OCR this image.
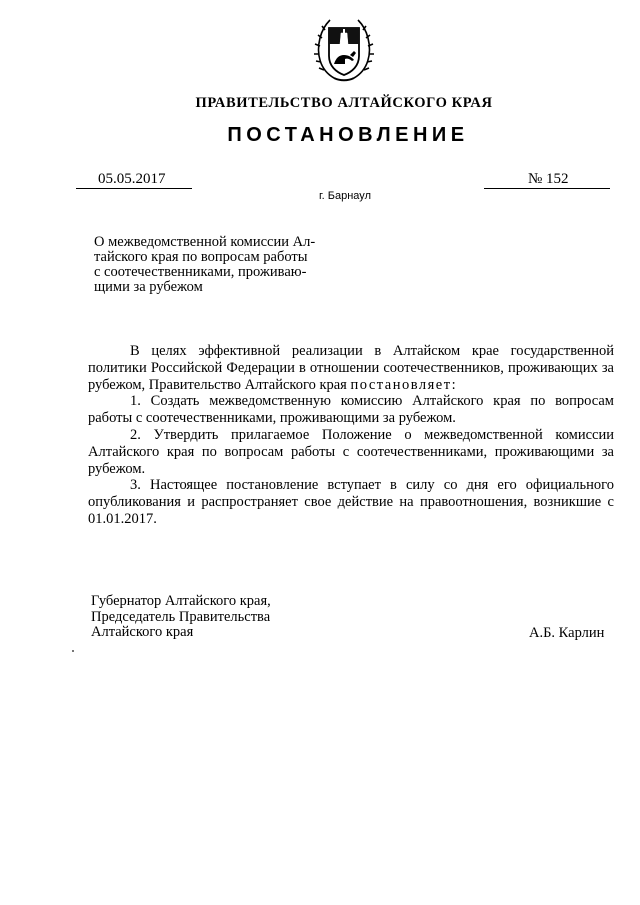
ПРАВИТЕЛЬСТВО АЛТАЙСКОГО КРАЯ
ПОСТАНОВЛЕНИЕ
05.05.2017	№ 152
г. Барнаул
О межведомственной комиссии Ал-
тайского края по вопросам работы
с соотечественниками, проживаю-
щими за рубежом

В целях эффективной реализации в Алтайском крае государственной политики Российской Федерации в отношении соотечественников, проживающих за рубежом, Правительство Алтайского края постановляет:

1. Создать межведомственную комиссию Алтайского края по вопросам работы с соотечественниками, проживающими за рубежом.

2. Утвердить прилагаемое Положение о межведомственной комиссии Алтайского края по вопросам работы с соотечественниками, проживающими за рубежом.

3. Настоящее постановление вступает в силу со дня его официального опубликования и распространяет свое действие на правоотношения, возникшие с 01.01.2017.

Губернатор Алтайского края,
Председатель Правительства
Алтайского края	А.Б. Карлин
